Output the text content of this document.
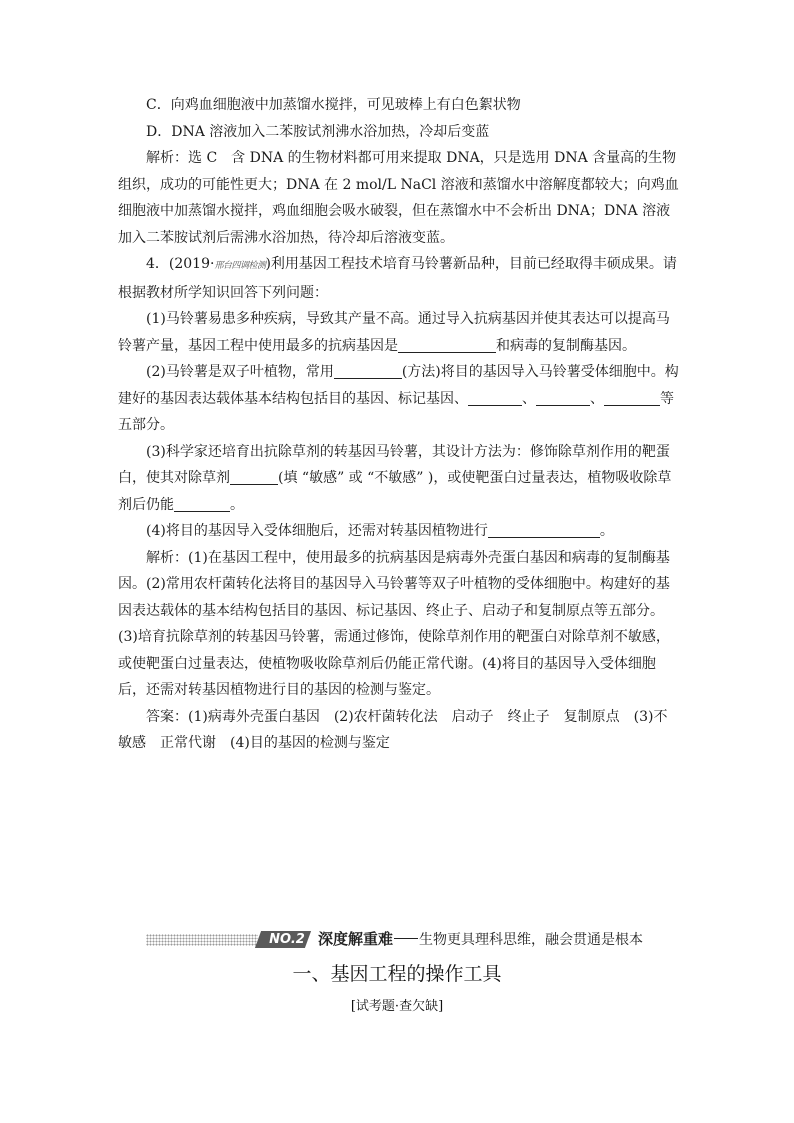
C．向鸡血细胞液中加蒸馏水搅拌，可见玻棒上有白色絮状物

D．DNA 溶液加入二苯胺试剂沸水浴加热，冷却后变蓝

解析：选 C　含 DNA 的生物材料都可用来提取 DNA，只是选用 DNA 含量高的生物组织，成功的可能性更大；DNA 在 2 mol/L NaCl 溶液和蒸馏水中溶解度都较大；向鸡血细胞液中加蒸馏水搅拌，鸡血细胞会吸水破裂，但在蒸馏水中不会析出 DNA；DNA 溶液加入二苯胺试剂后需沸水浴加热，待冷却后溶液变蓝。

4．(2019·邢台四调检测)利用基因工程技术培育马铃薯新品种，目前已经取得丰硕成果。请根据教材所学知识回答下列问题：

(1)马铃薯易患多种疾病，导致其产量不高。通过导入抗病基因并使其表达可以提高马铃薯产量，基因工程中使用最多的抗病基因是	和病毒的复制酶基因。

(2)马铃薯是双子叶植物，常用	(方法)将目的基因导入马铃薯受体细胞中。构建好的基因表达载体基本结构包括目的基因、标记基因、	、	、	等五部分。

(3)科学家还培育出抗除草剂的转基因马铃薯，其设计方法为：修饰除草剂作用的靶蛋白，使其对除草剂	(填 “敏感” 或 “不敏感” )，或使靶蛋白过量表达，植物吸收除草剂后仍能	。

(4)将目的基因导入受体细胞后，还需对转基因植物进行	。

解析：(1)在基因工程中，使用最多的抗病基因是病毒外壳蛋白基因和病毒的复制酶基因。(2)常用农杆菌转化法将目的基因导入马铃薯等双子叶植物的受体细胞中。构建好的基因表达载体的基本结构包括目的基因、标记基因、终止子、启动子和复制原点等五部分。(3)培育抗除草剂的转基因马铃薯，需通过修饰，使除草剂作用的靶蛋白对除草剂不敏感，或使靶蛋白过量表达，使植物吸收除草剂后仍能正常代谢。(4)将目的基因导入受体细胞后，还需对转基因植物进行目的基因的检测与鉴定。

答案：(1)病毒外壳蛋白基因　(2)农杆菌转化法　启动子　终止子　复制原点　(3)不敏感　正常代谢　(4)目的基因的检测与鉴定

NO.2 深度解重难 生物更具理科思维，融会贯通是根本
一、基因工程的操作工具
[试考题·查欠缺]
